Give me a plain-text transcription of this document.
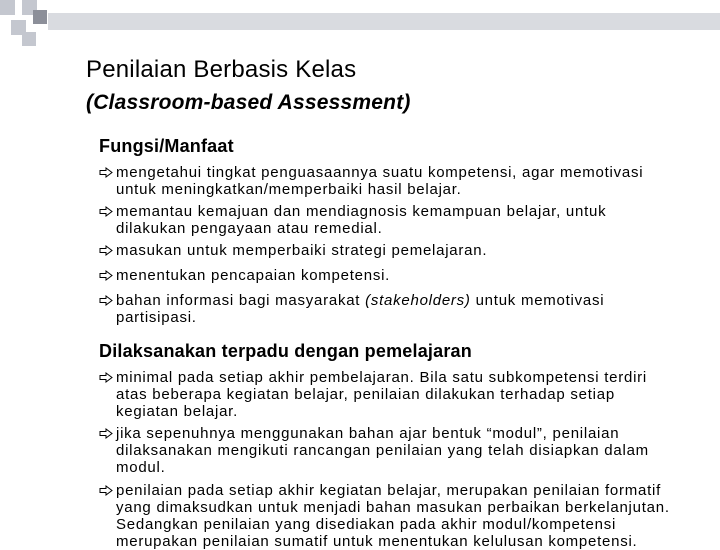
Penilaian Berbasis Kelas
(Classroom-based Assessment)
Fungsi/Manfaat
mengetahui tingkat penguasaannya suatu kompetensi, agar memotivasi
untuk meningkatkan/memperbaiki hasil belajar.
memantau kemajuan dan mendiagnosis kemampuan belajar, untuk
dilakukan pengayaan atau remedial.
masukan untuk memperbaiki strategi pemelajaran.
menentukan pencapaian kompetensi.
bahan informasi bagi masyarakat (stakeholders) untuk memotivasi
partisipasi.
Dilaksanakan terpadu dengan pemelajaran
minimal pada setiap akhir pembelajaran. Bila satu subkompetensi terdiri
atas beberapa kegiatan belajar, penilaian dilakukan terhadap setiap
kegiatan belajar.
jika sepenuhnya menggunakan bahan ajar bentuk “modul”, penilaian
dilaksanakan mengikuti rancangan penilaian yang telah disiapkan dalam
modul.
penilaian pada setiap akhir kegiatan belajar, merupakan penilaian formatif
yang dimaksudkan untuk menjadi bahan masukan perbaikan berkelanjutan.
Sedangkan penilaian yang disediakan pada akhir modul/kompetensi
merupakan penilaian sumatif untuk menentukan kelulusan kompetensi.
